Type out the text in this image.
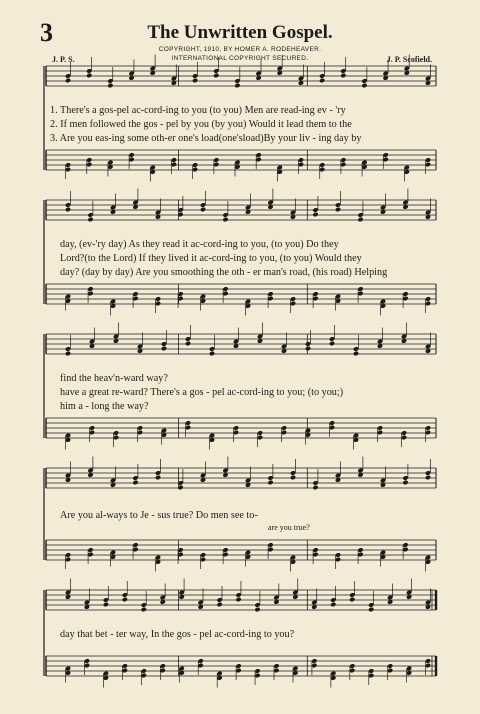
3	The Unwritten Gospel.
COPYRIGHT, 1910, BY HOMER A. RODEHEAVER.
INTERNATIONAL COPYRIGHT SECURED.
J. P. S.	J. P. Scofield.
1. There's a gos-pel ac-cord-ing to you (to you) Men are read-ing ev - 'ry
2. If men followed the gos - pel by you (by you) Would it lead them to the
3. Are you eas-ing some oth-er one's load(one'sload)By your liv - ing day by
day, (ev-'ry day) As they read it ac-cord-ing to you, (to you) Do they
Lord?(to the Lord) If they lived it ac-cord-ing to you, (to you) Would they
day? (day by day) Are you smoothing the oth - er man's road, (his road) Helping
find the heav'n-ward way?
have a great re-ward? There's a gos - pel ac-cord-ing to you; (to you;)
him a - long the way?
Are you al-ways to Je - sus true? Do men see to-
are you true?
day that bet - ter way, In the gos - pel ac-cord-ing to you?
